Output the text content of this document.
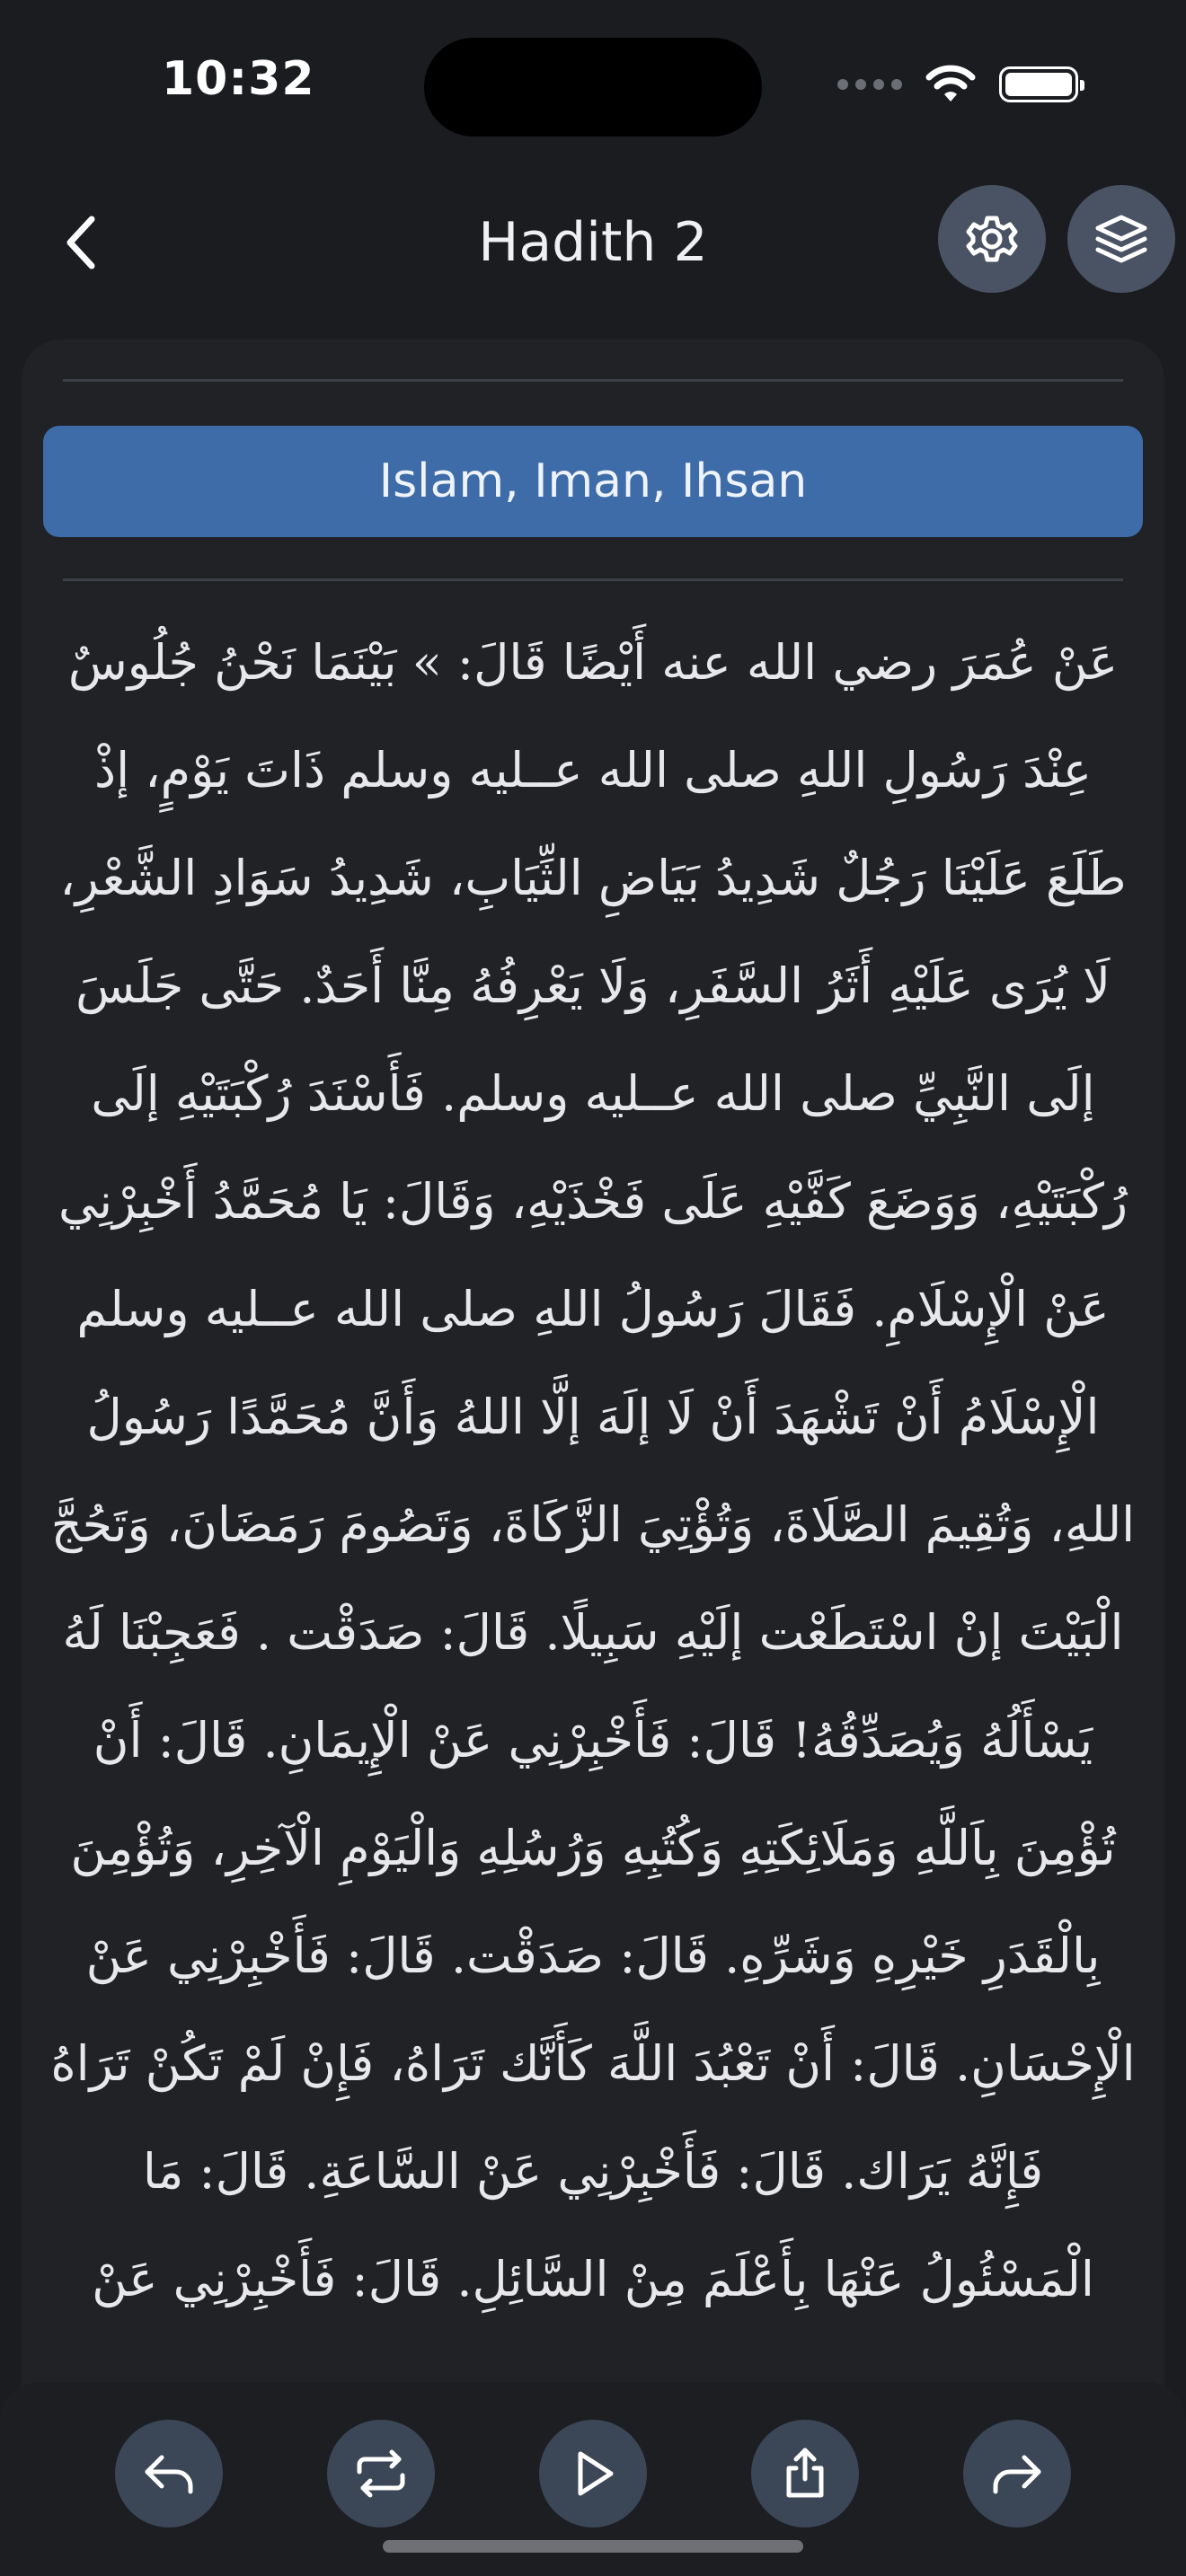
10:32
Hadith 2
Islam, Iman, Ihsan
عَنْ عُمَرَ رضي الله عنه أَيْضًا قَالَ: » بَيْنَمَا نَحْنُ جُلُوسٌ عِنْدَ رَسُولِ اللهِ صلى الله عــليه وسلم ذَاتَ يَوْمٍ، إذْ طَلَعَ عَلَيْنَا رَجُلٌ شَدِيدُ بَيَاضِ الثِّيَابِ، شَدِيدُ سَوَادِ الشَّعْرِ، لَا يُرَى عَلَيْهِ أَثَرُ السَّفَرِ، وَلَا يَعْرِفُهُ مِنَّا أَحَدٌ. حَتَّى جَلَسَ إلَى النَّبِيِّ صلى الله عــليه وسلم. فَأَسْنَدَ رُكْبَتَيْهِ إلَى رُكْبَتَيْهِ، وَوَضَعَ كَفَّيْهِ عَلَى فَخْذَيْهِ، وَقَالَ: يَا مُحَمَّدُ أَخْبِرْنِي عَنْ الْإِسْلَامِ. فَقَالَ رَسُولُ اللهِ صلى الله عــليه وسلم الْإِسْلَامُ أَنْ تَشْهَدَ أَنْ لَا إلَهَ إلَّا اللهُ وَأَنَّ مُحَمَّدًا رَسُولُ اللهِ، وَتُقِيمَ الصَّلَاةَ، وَتُؤْتِيَ الزَّكَاةَ، وَتَصُومَ رَمَضَانَ، وَتَحُجَّ الْبَيْتَ إنْ اسْتَطَعْت إلَيْهِ سَبِيلًا. قَالَ: صَدَقْت . فَعَجِبْنَا لَهُ يَسْأَلُهُ وَيُصَدِّقُهُ! قَالَ: فَأَخْبِرْنِي عَنْ الْإِيمَانِ. قَالَ: أَنْ تُؤْمِنَ بِاَللَّهِ وَمَلَائِكَتِهِ وَكُتُبِهِ وَرُسُلِهِ وَالْيَوْمِ الْآخِرِ، وَتُؤْمِنَ بِالْقَدَرِ خَيْرِهِ وَشَرِّهِ. قَالَ: صَدَقْت. قَالَ: فَأَخْبِرْنِي عَنْ الْإِحْسَانِ. قَالَ: أَنْ تَعْبُدَ اللَّهَ كَأَنَّك تَرَاهُ، فَإِنْ لَمْ تَكُنْ تَرَاهُ فَإِنَّهُ يَرَاك. قَالَ: فَأَخْبِرْنِي عَنْ السَّاعَةِ. قَالَ: مَا الْمَسْئُولُ عَنْهَا بِأَعْلَمَ مِنْ السَّائِلِ. قَالَ: فَأَخْبِرْنِي عَنْ
